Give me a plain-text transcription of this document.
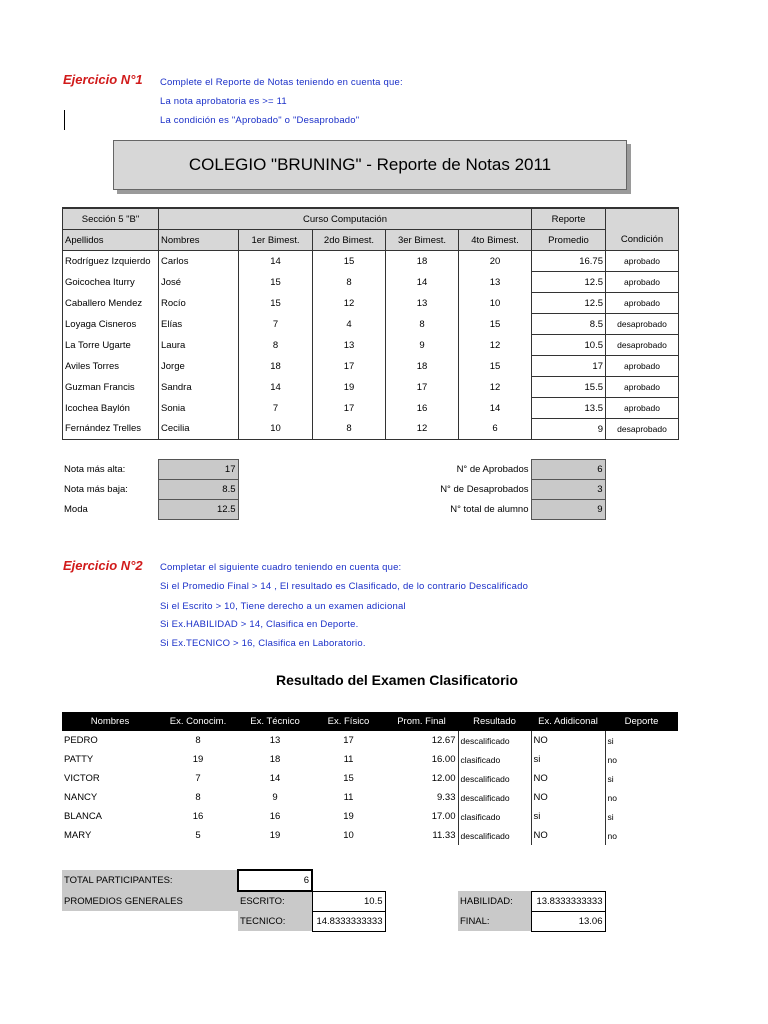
Ejercicio N°1 Complete el Reporte de Notas teniendo en cuenta que:
La nota aprobatoria es >= 11
La condición es "Aprobado" o "Desaprobado"
COLEGIO "BRUNING" - Reporte de Notas 2011
Sección 5 "B"	Curso Computación					Reporte	
Apellidos	Nombres	1er Bimest.	2do Bimest.	3er Bimest.	4to Bimest.	Promedio	Condición
Rodríguez Izquierdo	Carlos	14	15	18	20	16.75	aprobado
Goicochea Iturry	José	15	8	14	13	12.5	aprobado
Caballero Mendez	Rocío	15	12	13	10	12.5	aprobado
Loyaga Cisneros	Elías	7	4	8	15	8.5	desaprobado
La Torre Ugarte	Laura	8	13	9	12	10.5	desaprobado
Aviles Torres	Jorge	18	17	18	15	17	aprobado
Guzman Francis	Sandra	14	19	17	12	15.5	aprobado
Icochea Baylón	Sonia	7	17	16	14	13.5	aprobado
Fernández Trelles	Cecilia	10	8	12	6	9	desaprobado
Nota más alta:	17
Nota más baja:	8.5
Moda	12.5
N° de Aprobados	6
N° de Desaprobados	3
N° total de alumno	9
Ejercicio N°2 Completar el siguiente cuadro teniendo en cuenta que:
Si el Promedio Final > 14 , El resultado es Clasificado, de lo contrario Descalificado
Si el Escrito > 10, Tiene derecho a un examen adicional
Si Ex.HABILIDAD > 14, Clasifica en Deporte.
Si Ex.TECNICO > 16, Clasifica en Laboratorio.
Resultado del Examen Clasificatorio
Nombres	Ex. Conocim.	Ex. Técnico	Ex. Físico	Prom. Final	Resultado	Ex. Adidiconal	Deporte
PEDRO	8	13	17	12.67	descalificado	NO	si
PATTY	19	18	11	16.00	clasificado	si	no
VICTOR	7	14	15	12.00	descalificado	NO	si
NANCY	8	9	11	9.33	descalificado	NO	no
BLANCA	16	16	19	17.00	clasificado	si	si
MARY	5	19	10	11.33	descalificado	NO	no
TOTAL PARTICIPANTES:	6				
PROMEDIOS GENERALES	ESCRITO:	10.5		HABILIDAD:	13.8333333333
	TECNICO:	14.8333333333		FINAL:	13.06
